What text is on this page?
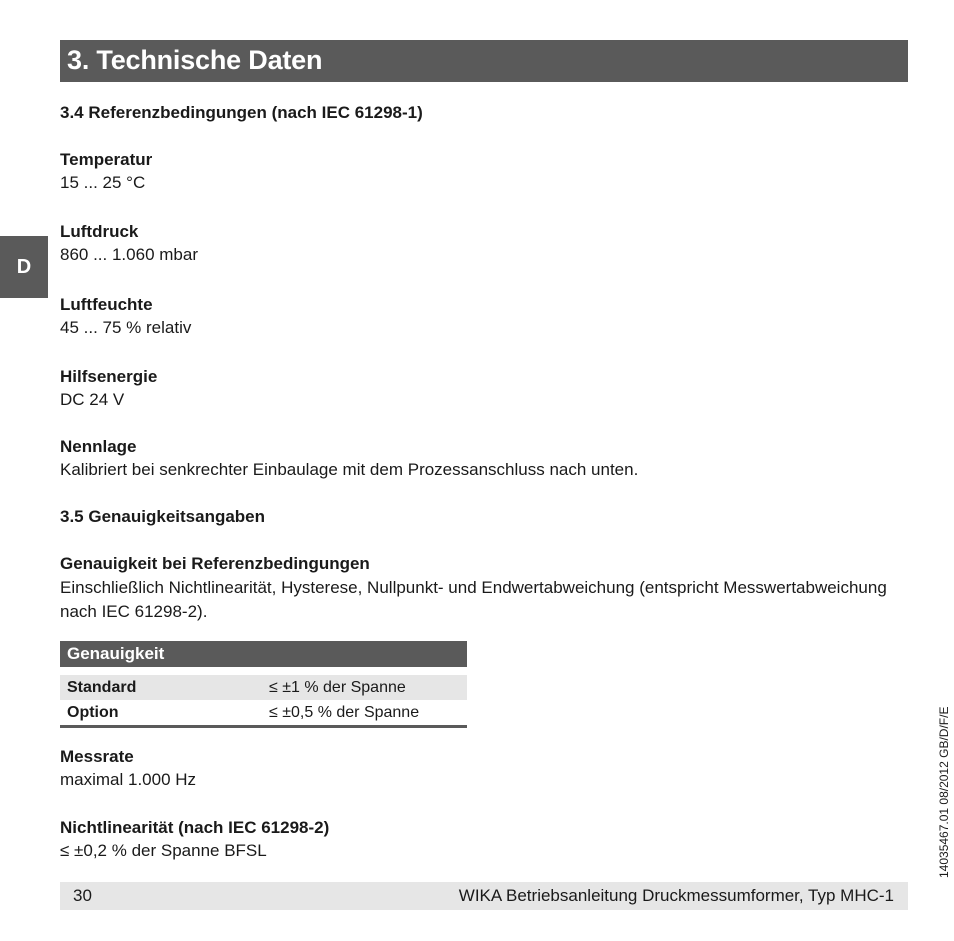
3. Technische Daten
D
3.4 Referenzbedingungen (nach IEC 61298-1)
Temperatur
15 ... 25 °C
Luftdruck
860 ... 1.060 mbar
Luftfeuchte
45 ... 75 % relativ
Hilfsenergie
DC 24 V
Nennlage
Kalibriert bei senkrechter Einbaulage mit dem Prozessanschluss nach unten.
3.5 Genauigkeitsangaben
Genauigkeit bei Referenzbedingungen
Einschließlich Nichtlinearität, Hysterese, Nullpunkt- und Endwertabweichung (entspricht Messwertabweichung nach IEC 61298-2).
Genauigkeit
Standard	≤ ±1 % der Spanne
Option	≤ ±0,5 % der Spanne
Messrate
maximal 1.000 Hz
Nichtlinearität (nach IEC 61298-2)
≤ ±0,2 % der Spanne BFSL
30	WIKA Betriebsanleitung Druckmessumformer, Typ MHC-1
14035467.01 08/2012 GB/D/F/E
